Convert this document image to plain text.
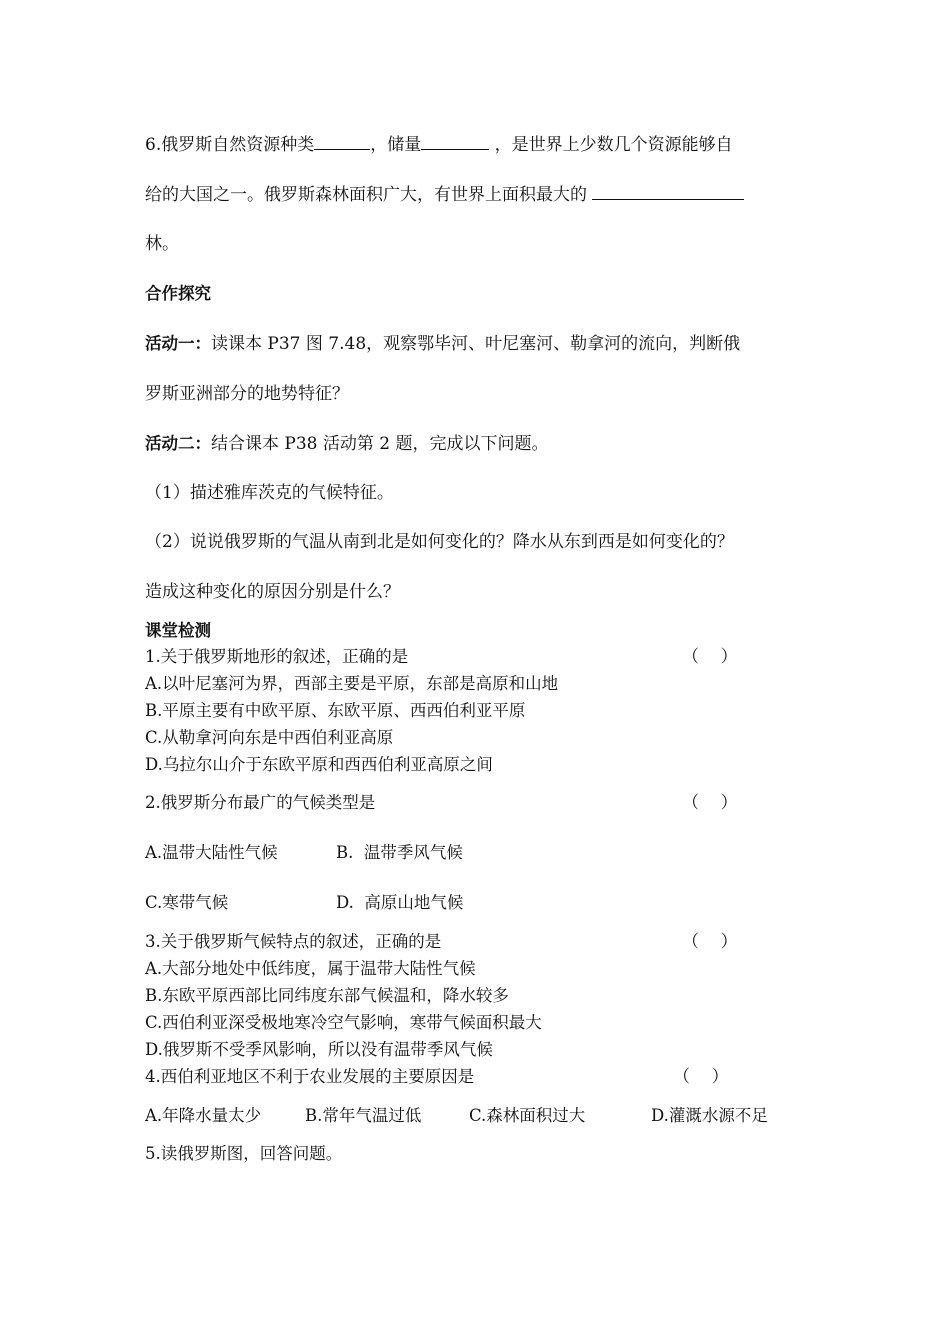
6.俄罗斯自然资源种类	，储量	，是世界上少数几个资源能够自
给的大国之一。俄罗斯森林面积广大，有世界上面积最大的
林。
合作探究
活动一：读课本 P37 图 7.48，观察鄂毕河、叶尼塞河、勒拿河的流向，判断俄
罗斯亚洲部分的地势特征？
活动二：结合课本 P38 活动第 2 题，完成以下问题。
（1）描述雅库茨克的气候特征。
（2）说说俄罗斯的气温从南到北是如何变化的？降水从东到西是如何变化的？
造成这种变化的原因分别是什么？
课堂检测
1.关于俄罗斯地形的叙述，正确的是	（    ）
A.以叶尼塞河为界，西部主要是平原，东部是高原和山地
B.平原主要有中欧平原、东欧平原、西西伯利亚平原
C.从勒拿河向东是中西伯利亚高原
D.乌拉尔山介于东欧平原和西西伯利亚高原之间
2.俄罗斯分布最广的气候类型是	（    ）
A.温带大陆性气候	B.  温带季风气候
C.寒带气候	D.  高原山地气候
3.关于俄罗斯气候特点的叙述，正确的是	（    ）
A.大部分地处中低纬度，属于温带大陆性气候
B.东欧平原西部比同纬度东部气候温和，降水较多
C.西伯利亚深受极地寒冷空气影响，寒带气候面积最大
D.俄罗斯不受季风影响，所以没有温带季风气候
4.西伯利亚地区不利于农业发展的主要原因是	（    ）
A.年降水量太少	B.常年气温过低	C.森林面积过大	D.灌溉水源不足
5.读俄罗斯图，回答问题。
